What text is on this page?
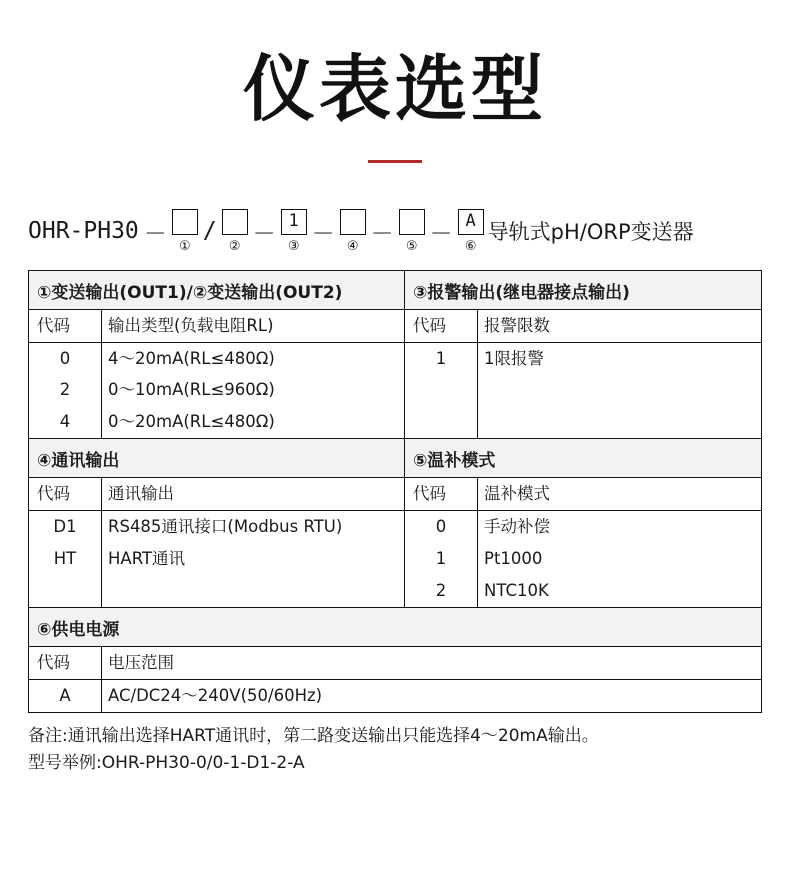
仪表选型
OHR-PH30 － ①
/
② － 1
③ － ④ － ⑤ － A
⑥
导轨式pH/ORP变送器
①变送输出(OUT1)/②变送输出(OUT2)
代码	输出类型(负载电阻RL)
0	4～20mA(RL≤480Ω)
2	0～10mA(RL≤960Ω)
4	0～20mA(RL≤480Ω)
③报警输出(继电器接点输出)
代码	报警限数
1	1限报警

④通讯输出
代码	通讯输出
D1	RS485通讯接口(Modbus RTU)
HT	HART通讯

⑤温补模式
代码	温补模式
0	手动补偿
1	Pt1000
2	NTC10K
⑥供电电源
代码	电压范围
A	AC/DC24～240V(50/60Hz)
备注:通讯输出选择HART通讯时，第二路变送输出只能选择4～20mA输出。
型号举例:OHR-PH30-0/0-1-D1-2-A
